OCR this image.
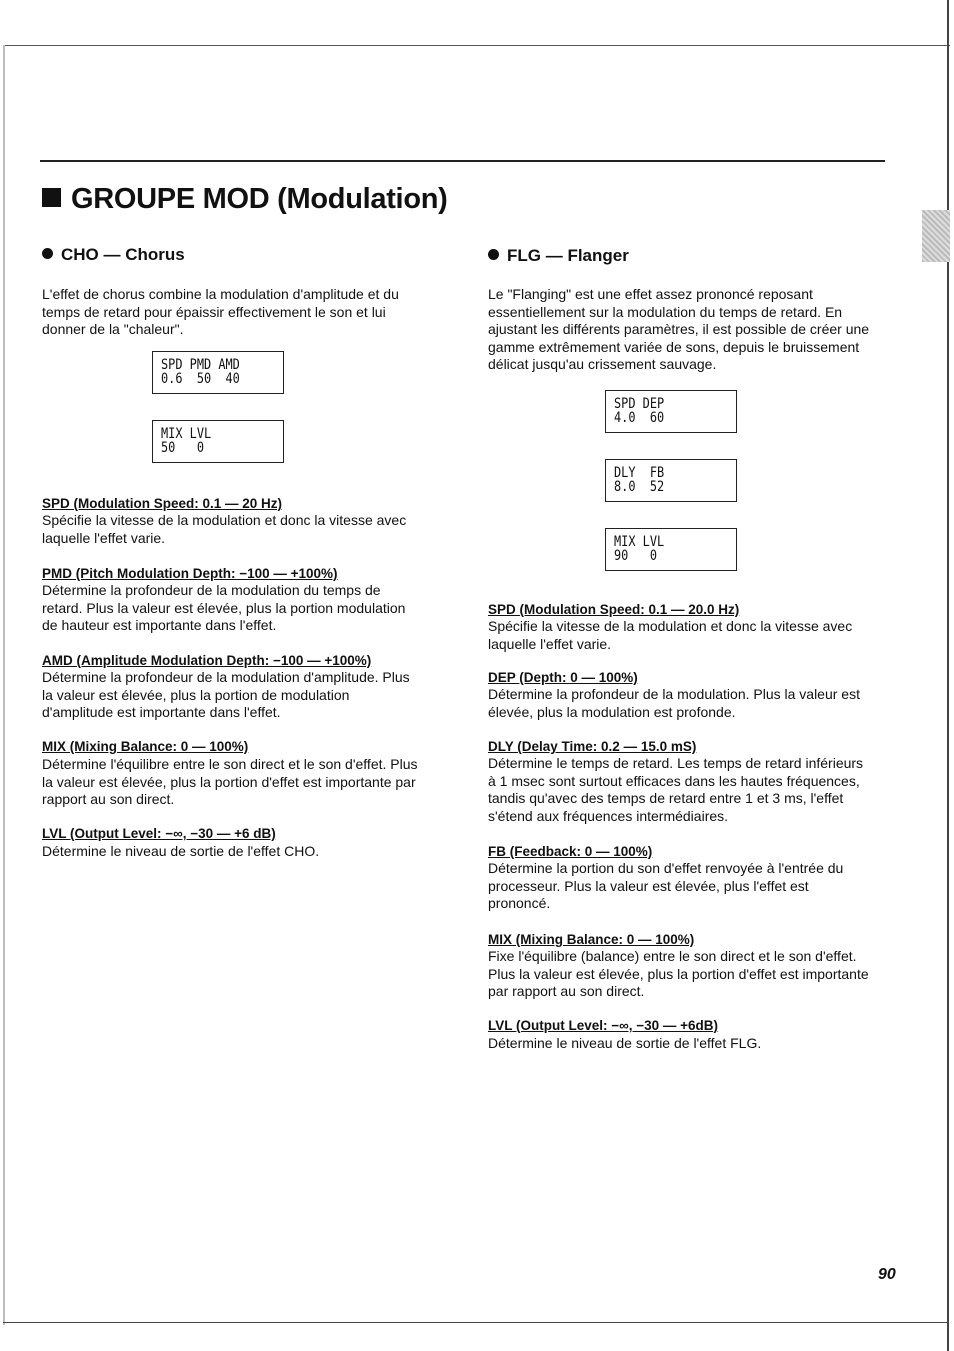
GROUPE MOD (Modulation)
CHO — Chorus
L'effet de chorus combine la modulation d'amplitude et du
temps de retard pour épaissir effectivement le son et lui
donner de la "chaleur".
SPD PMD AMD
0.6  50  40
MIX LVL
50   0
SPD (Modulation Speed: 0.1 — 20 Hz)
Spécifie la vitesse de la modulation et donc la vitesse avec
laquelle l'effet varie.
PMD (Pitch Modulation Depth: −100 — +100%)
Détermine la profondeur de la modulation du temps de
retard. Plus la valeur est élevée, plus la portion modulation
de hauteur est importante dans l'effet.
AMD (Amplitude Modulation Depth: −100 — +100%)
Détermine la profondeur de la modulation d'amplitude. Plus
la valeur est élevée, plus la portion de modulation
d'amplitude est importante dans l'effet.
MIX (Mixing Balance: 0 — 100%)
Détermine l'équilibre entre le son direct et le son d'effet. Plus
la valeur est élevée, plus la portion d'effet est importante par
rapport au son direct.
LVL (Output Level: −∞, −30 — +6 dB)
Détermine le niveau de sortie de l'effet CHO.
FLG — Flanger
Le "Flanging" est une effet assez prononcé reposant
essentiellement sur la modulation du temps de retard. En
ajustant les différents paramètres, il est possible de créer une
gamme extrêmement variée de sons, depuis le bruissement
délicat jusqu'au crissement sauvage.
SPD DEP
4.0  60
DLY  FB
8.0  52
MIX LVL
90   0
SPD (Modulation Speed: 0.1 — 20.0 Hz)
Spécifie la vitesse de la modulation et donc la vitesse avec
laquelle l'effet varie.
DEP (Depth: 0 — 100%)
Détermine la profondeur de la modulation. Plus la valeur est
élevée, plus la modulation est profonde.
DLY (Delay Time: 0.2 — 15.0 mS)
Détermine le temps de retard. Les temps de retard inférieurs
à 1 msec sont surtout efficaces dans les hautes fréquences,
tandis qu'avec des temps de retard entre 1 et 3 ms, l'effet
s'étend aux fréquences intermédiaires.
FB (Feedback: 0 — 100%)
Détermine la portion du son d'effet renvoyée à l'entrée du
processeur. Plus la valeur est élevée, plus l'effet est
prononcé.
MIX (Mixing Balance: 0 — 100%)
Fixe l'équilibre (balance) entre le son direct et le son d'effet.
Plus la valeur est élevée, plus la portion d'effet est importante
par rapport au son direct.
LVL (Output Level: −∞, −30 — +6dB)
Détermine le niveau de sortie de l'effet FLG.
90
